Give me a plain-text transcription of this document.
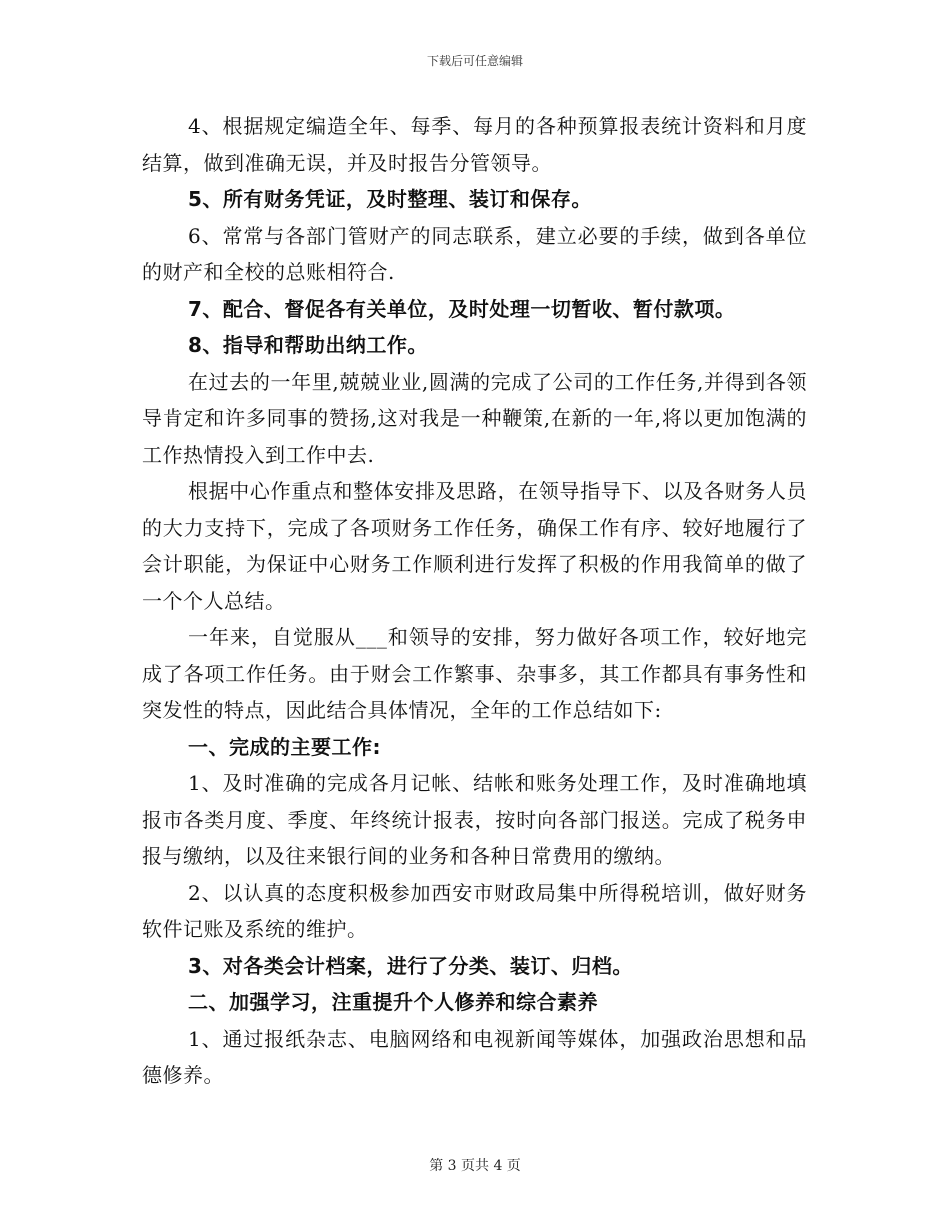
下载后可任意编辑

4、根据规定编造全年、每季、每月的各种预算报表统计资料和月度结算，做到准确无误，并及时报告分管领导。

5、所有财务凭证，及时整理、装订和保存。

6、常常与各部门管财产的同志联系，建立必要的手续，做到各单位的财产和全校的总账相符合.

7、配合、督促各有关单位，及时处理一切暂收、暂付款项。

8、指导和帮助出纳工作。

在过去的一年里,兢兢业业,圆满的完成了公司的工作任务,并得到各领导肯定和许多同事的赞扬,这对我是一种鞭策,在新的一年,将以更加饱满的工作热情投入到工作中去.

根据中心作重点和整体安排及思路，在领导指导下、以及各财务人员的大力支持下，完成了各项财务工作任务，确保工作有序、较好地履行了会计职能，为保证中心财务工作顺利进行发挥了积极的作用我简单的做了一个个人总结。

一年来，自觉服从___和领导的安排，努力做好各项工作，较好地完成了各项工作任务。由于财会工作繁事、杂事多，其工作都具有事务性和突发性的特点，因此结合具体情况，全年的工作总结如下:

一、完成的主要工作:

1、及时准确的完成各月记帐、结帐和账务处理工作，及时准确地填报市各类月度、季度、年终统计报表，按时向各部门报送。完成了税务申报与缴纳，以及往来银行间的业务和各种日常费用的缴纳。

2、以认真的态度积极参加西安市财政局集中所得税培训，做好财务软件记账及系统的维护。

3、对各类会计档案，进行了分类、装订、归档。

二、加强学习，注重提升个人修养和综合素养

1、通过报纸杂志、电脑网络和电视新闻等媒体，加强政治思想和品德修养。

第 3 页共 4 页
